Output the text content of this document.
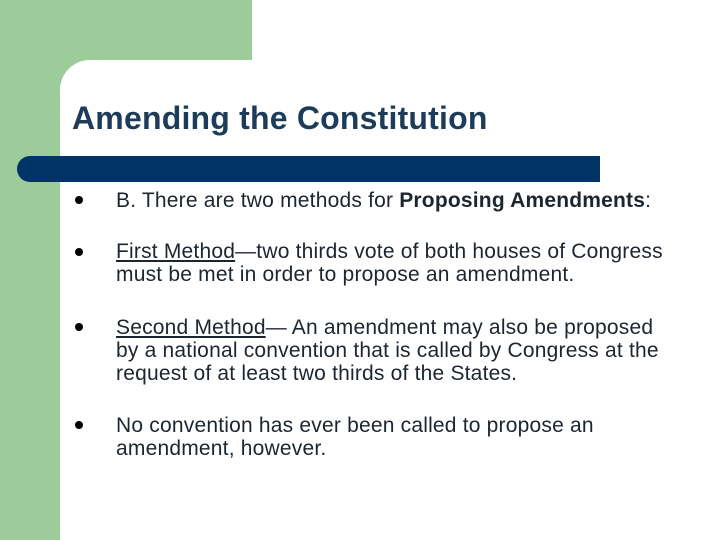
Amending the Constitution
B. There are two methods for Proposing Amendments:
First Method—two thirds vote of both houses of Congress must be met in order to propose an amendment.
Second Method— An amendment may also be proposed by a national convention that is called by Congress at the request of at least two thirds of the States.
No convention has ever been called to propose an amendment, however.
